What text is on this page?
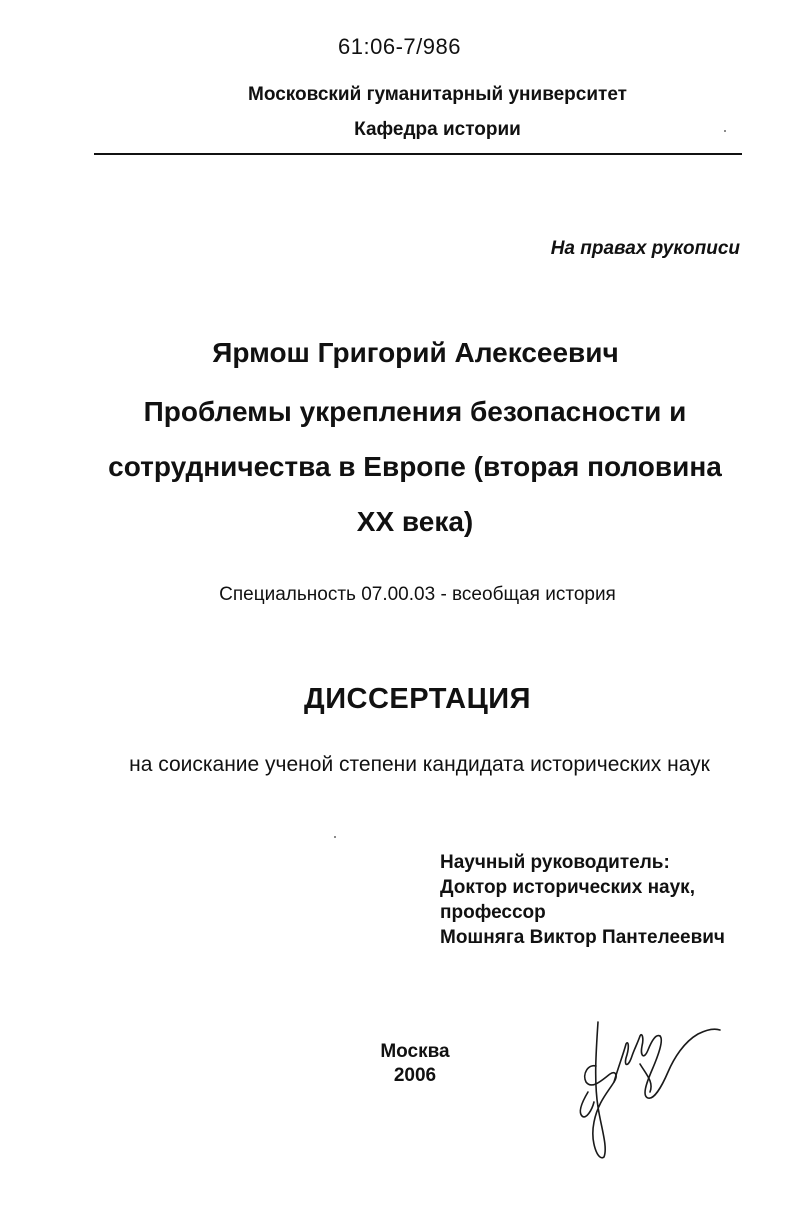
61:06-7/986
Московский гуманитарный университет
Кафедра истории
На правах рукописи
Ярмош Григорий Алексеевич
Проблемы укрепления безопасности и
сотрудничества в Европе (вторая половина
XX века)
Специальность 07.00.03 - всеобщая история
ДИССЕРТАЦИЯ
на соискание ученой степени кандидата исторических наук
Научный руководитель:
Доктор исторических наук,
профессор
Мошняга Виктор Пантелеевич
Москва
2006
